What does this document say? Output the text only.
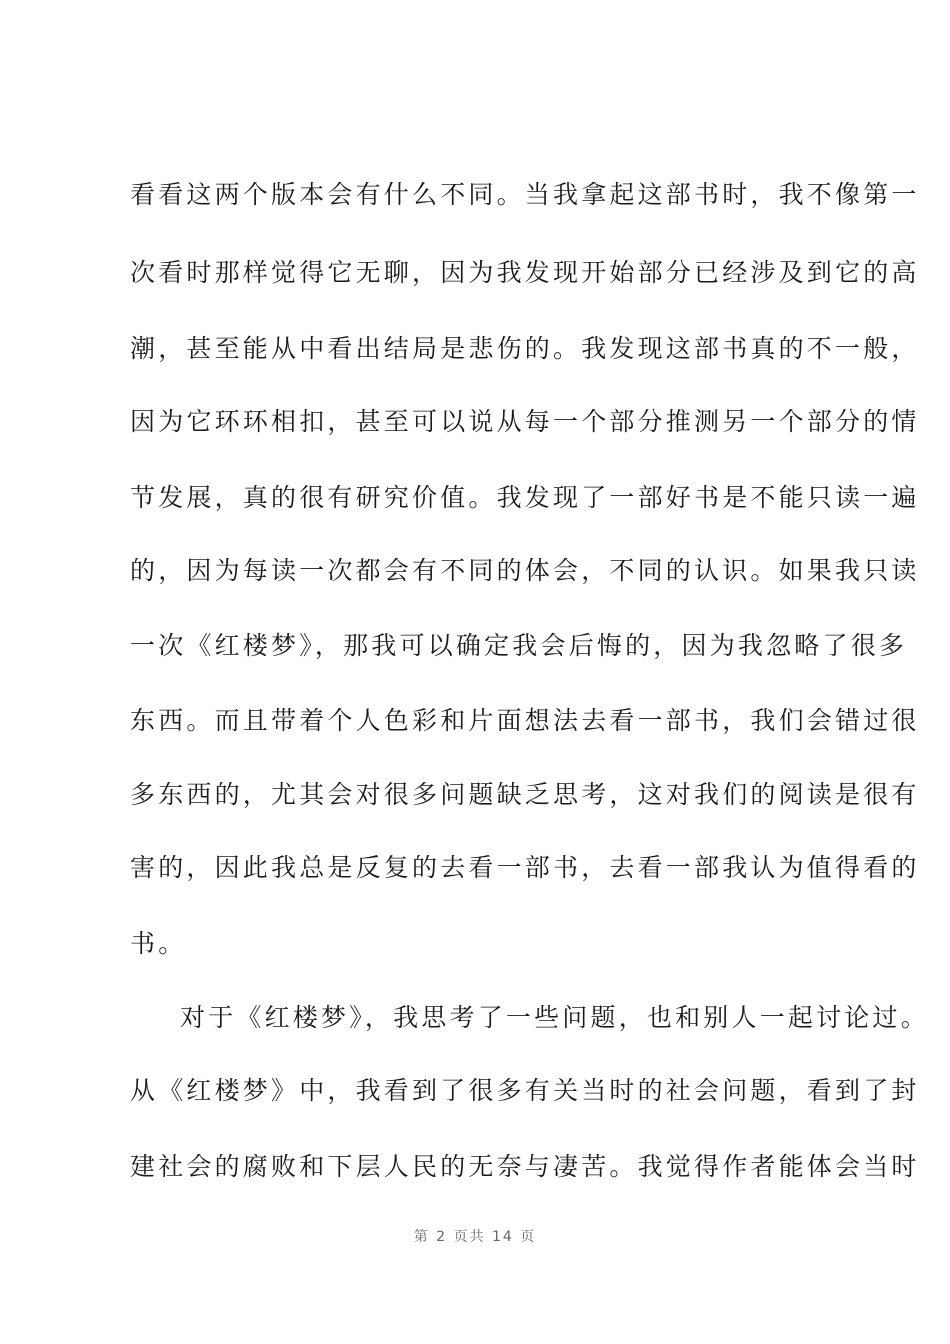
看看这两个版本会有什么不同。当我拿起这部书时，我不像第一
次看时那样觉得它无聊，因为我发现开始部分已经涉及到它的高
潮，甚至能从中看出结局是悲伤的。我发现这部书真的不一般，
因为它环环相扣，甚至可以说从每一个部分推测另一个部分的情
节发展，真的很有研究价值。我发现了一部好书是不能只读一遍
的，因为每读一次都会有不同的体会，不同的认识。如果我只读
一次《红楼梦》，那我可以确定我会后悔的，因为我忽略了很多
东西。而且带着个人色彩和片面想法去看一部书，我们会错过很
多东西的，尤其会对很多问题缺乏思考，这对我们的阅读是很有
害的，因此我总是反复的去看一部书，去看一部我认为值得看的
书。
对于《红楼梦》，我思考了一些问题，也和别人一起讨论过。
从《红楼梦》中，我看到了很多有关当时的社会问题，看到了封
建社会的腐败和下层人民的无奈与凄苦。我觉得作者能体会当时
第 2 页共 14 页
